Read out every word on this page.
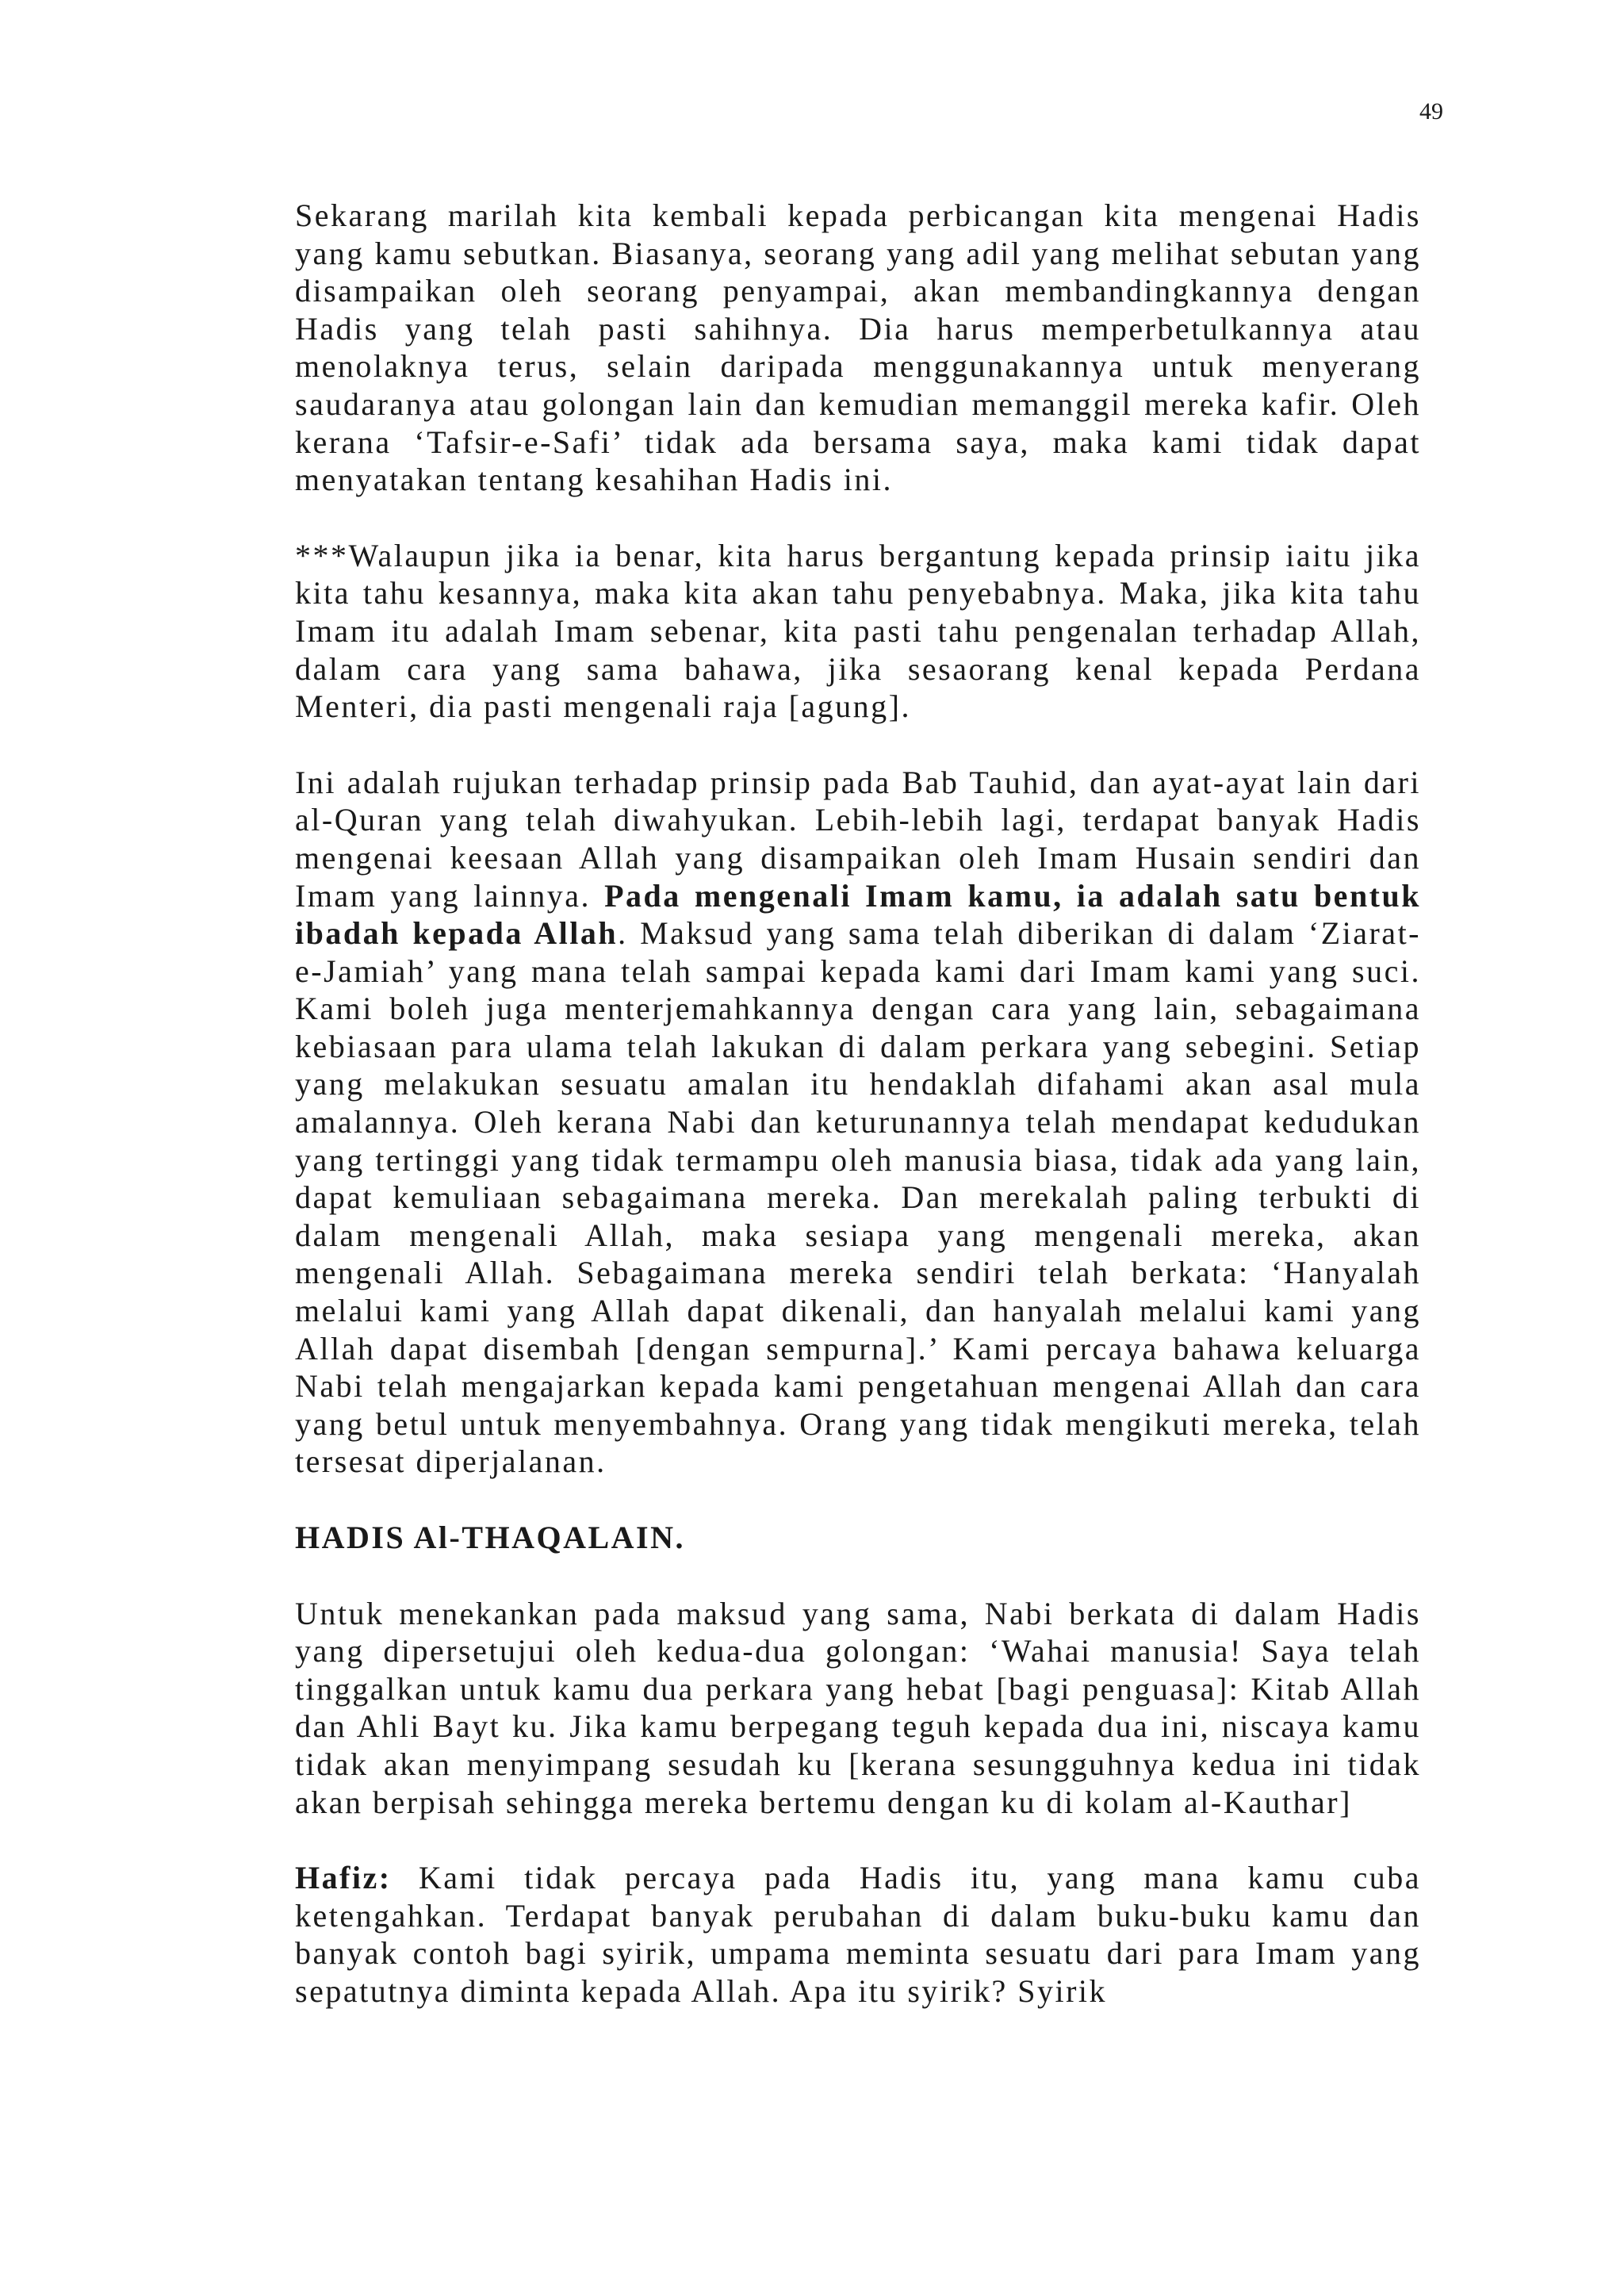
49

Sekarang marilah kita kembali kepada perbicangan kita mengenai Hadis yang kamu sebutkan. Biasanya, seorang yang adil yang melihat sebutan yang disampaikan oleh seorang penyampai, akan membandingkannya dengan Hadis yang telah pasti sahihnya. Dia harus memperbetulkannya atau menolaknya terus, selain daripada menggunakannya untuk menyerang saudaranya atau golongan lain dan kemudian memanggil mereka kafir. Oleh kerana ‘Tafsir-e-Safi’ tidak ada bersama saya, maka kami tidak dapat menyatakan tentang kesahihan Hadis ini.

***Walaupun jika ia benar, kita harus bergantung kepada prinsip iaitu jika kita tahu kesannya, maka kita akan tahu penyebabnya. Maka, jika kita tahu Imam itu adalah Imam sebenar, kita pasti tahu pengenalan terhadap Allah, dalam cara yang sama bahawa, jika sesaorang kenal kepada Perdana Menteri, dia pasti mengenali raja [agung].

Ini adalah rujukan terhadap prinsip pada Bab Tauhid, dan ayat-ayat lain dari al-Quran yang telah diwahyukan. Lebih-lebih lagi, terdapat banyak Hadis mengenai keesaan Allah yang disampaikan oleh Imam Husain sendiri dan Imam yang lainnya. Pada mengenali Imam kamu, ia adalah satu bentuk ibadah kepada Allah. Maksud yang sama telah diberikan di dalam ‘Ziarat-e-Jamiah’ yang mana telah sampai kepada kami dari Imam kami yang suci. Kami boleh juga menterjemahkannya dengan cara yang lain, sebagaimana kebiasaan para ulama telah lakukan di dalam perkara yang sebegini. Setiap yang melakukan sesuatu amalan itu hendaklah difahami akan asal mula amalannya. Oleh kerana Nabi dan keturunannya telah mendapat kedudukan yang tertinggi yang tidak termampu oleh manusia biasa, tidak ada yang lain, dapat kemuliaan sebagaimana mereka. Dan merekalah paling terbukti di dalam mengenali Allah, maka sesiapa yang mengenali mereka, akan mengenali Allah. Sebagaimana mereka sendiri telah berkata: ‘Hanyalah melalui kami yang Allah dapat dikenali, dan hanyalah melalui kami yang Allah dapat disembah [dengan sempurna].’ Kami percaya bahawa keluarga Nabi telah mengajarkan kepada kami pengetahuan mengenai Allah dan cara yang betul untuk menyembahnya. Orang yang tidak mengikuti mereka, telah tersesat diperjalanan.

HADIS Al-THAQALAIN.

Untuk menekankan pada maksud yang sama, Nabi berkata di dalam Hadis yang dipersetujui oleh kedua-dua golongan: ‘Wahai manusia! Saya telah tinggalkan untuk kamu dua perkara yang hebat [bagi penguasa]: Kitab Allah dan Ahli Bayt ku. Jika kamu berpegang teguh kepada dua ini, niscaya kamu tidak akan menyimpang sesudah ku [kerana sesungguhnya kedua ini tidak akan berpisah sehingga mereka bertemu dengan ku di kolam al-Kauthar]

Hafiz: Kami tidak percaya pada Hadis itu, yang mana kamu cuba ketengahkan. Terdapat banyak perubahan di dalam buku-buku kamu dan banyak contoh bagi syirik, umpama meminta sesuatu dari para Imam yang sepatutnya diminta kepada Allah. Apa itu syirik? Syirik
